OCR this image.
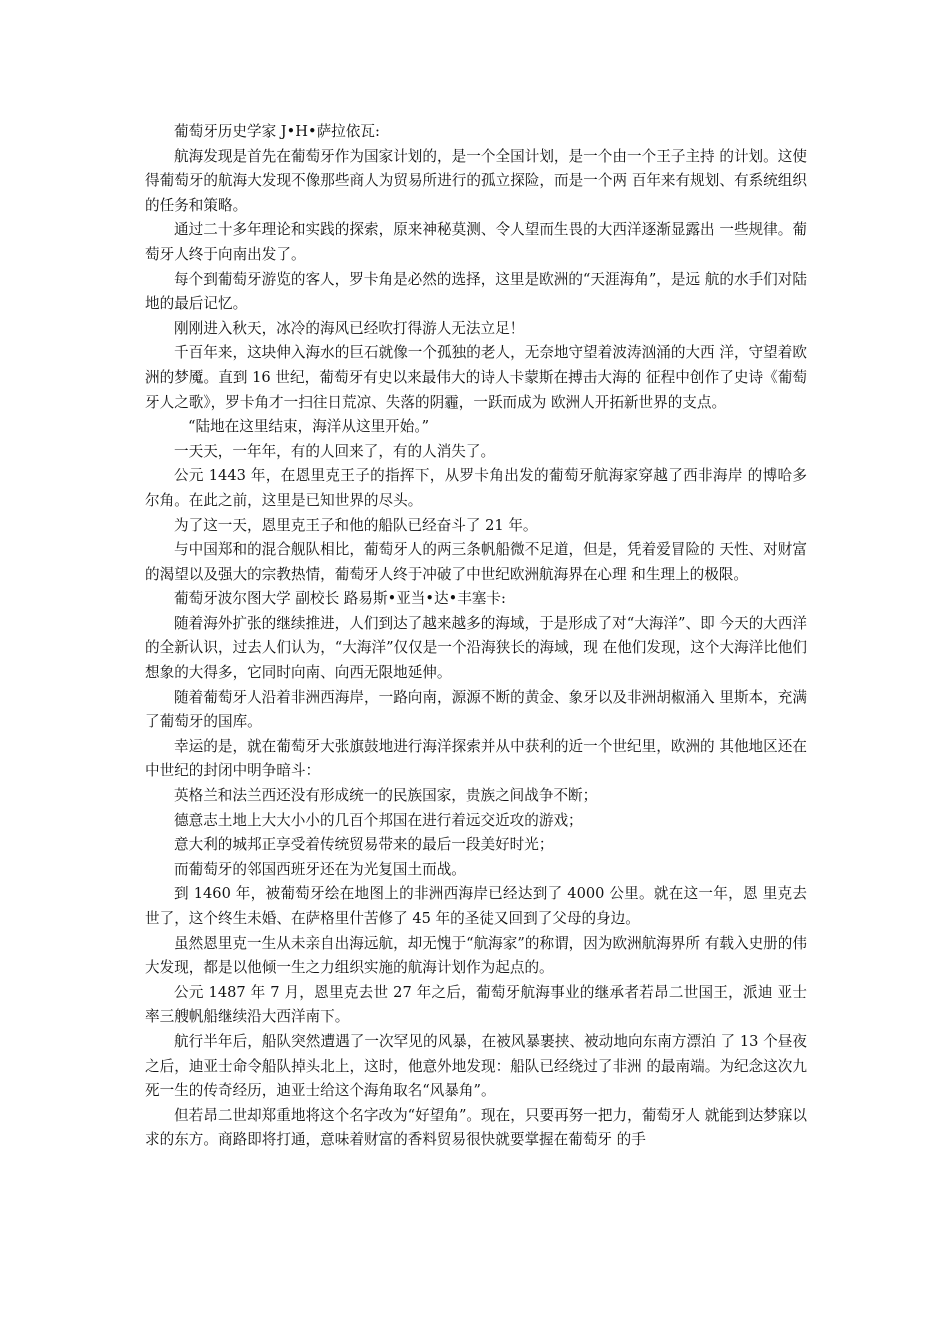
葡萄牙历史学家 J•H•萨拉依瓦:

航海发现是首先在葡萄牙作为国家计划的，是一个全国计划，是一个由一个王子主持 的计划。这使得葡萄牙的航海大发现不像那些商人为贸易所进行的孤立探险，而是一个两 百年来有规划、有系统组织的任务和策略。

通过二十多年理论和实践的探索，原来神秘莫测、令人望而生畏的大西洋逐渐显露出 一些规律。葡萄牙人终于向南出发了。

每个到葡萄牙游览的客人，罗卡角是必然的选择，这里是欧洲的“天涯海角”，是远 航的水手们对陆地的最后记忆。

刚刚进入秋天，冰冷的海风已经吹打得游人无法立足！

千百年来，这块伸入海水的巨石就像一个孤独的老人，无奈地守望着波涛汹涌的大西 洋，守望着欧洲的梦魇。直到 16 世纪，葡萄牙有史以来最伟大的诗人卡蒙斯在搏击大海的 征程中创作了史诗《葡萄牙人之歌》，罗卡角才一扫往日荒凉、失落的阴霾，一跃而成为 欧洲人开拓新世界的支点。

“陆地在这里结束，海洋从这里开始。”

一天天，一年年，有的人回来了，有的人消失了。

公元 1443 年，在恩里克王子的指挥下，从罗卡角出发的葡萄牙航海家穿越了西非海岸 的博哈多尔角。在此之前，这里是已知世界的尽头。

为了这一天，恩里克王子和他的船队已经奋斗了 21 年。

与中国郑和的混合舰队相比，葡萄牙人的两三条帆船微不足道，但是，凭着爱冒险的 天性、对财富的渴望以及强大的宗教热情，葡萄牙人终于冲破了中世纪欧洲航海界在心理 和生理上的极限。

葡萄牙波尔图大学 副校长 路易斯•亚当•达•丰塞卡:

随着海外扩张的继续推进，人们到达了越来越多的海域，于是形成了对“大海洋”、即 今天的大西洋的全新认识，过去人们认为，“大海洋”仅仅是一个沿海狭长的海域，现 在他们发现，这个大海洋比他们想象的大得多，它同时向南、向西无限地延伸。

随着葡萄牙人沿着非洲西海岸，一路向南，源源不断的黄金、象牙以及非洲胡椒涌入 里斯本，充满了葡萄牙的国库。

幸运的是，就在葡萄牙大张旗鼓地进行海洋探索并从中获利的近一个世纪里，欧洲的 其他地区还在中世纪的封闭中明争暗斗：

英格兰和法兰西还没有形成统一的民族国家，贵族之间战争不断；

德意志土地上大大小小的几百个邦国在进行着远交近攻的游戏；

意大利的城邦正享受着传统贸易带来的最后一段美好时光；

而葡萄牙的邻国西班牙还在为光复国土而战。

到 1460 年，被葡萄牙绘在地图上的非洲西海岸已经达到了 4000 公里。就在这一年，恩 里克去世了，这个终生未婚、在萨格里什苦修了 45 年的圣徒又回到了父母的身边。

虽然恩里克一生从未亲自出海远航，却无愧于“航海家”的称谓，因为欧洲航海界所 有载入史册的伟大发现，都是以他倾一生之力组织实施的航海计划作为起点的。

公元 1487 年 7 月，恩里克去世 27 年之后，葡萄牙航海事业的继承者若昂二世国王，派迪 亚士率三艘帆船继续沿大西洋南下。

航行半年后，船队突然遭遇了一次罕见的风暴，在被风暴裹挟、被动地向东南方漂泊 了 13 个昼夜之后，迪亚士命令船队掉头北上，这时，他意外地发现：船队已经绕过了非洲 的最南端。为纪念这次九死一生的传奇经历，迪亚士给这个海角取名“风暴角”。

但若昂二世却郑重地将这个名字改为“好望角”。现在，只要再努一把力，葡萄牙人 就能到达梦寐以求的东方。商路即将打通，意味着财富的香料贸易很快就要掌握在葡萄牙 的手
